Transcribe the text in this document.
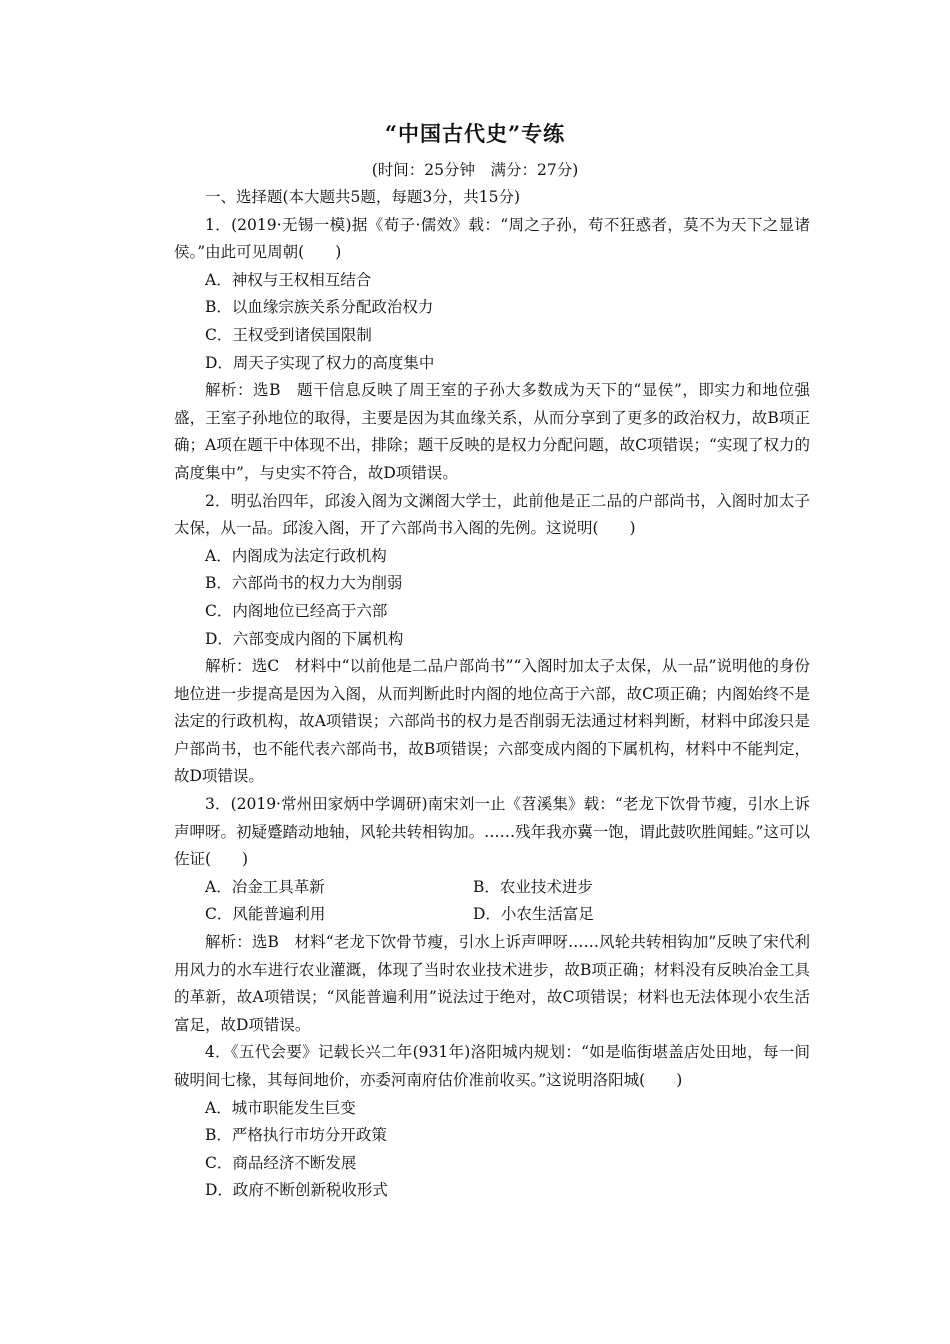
“中国古代史”专练
(时间：25分钟　满分：27分)

一、选择题(本大题共5题，每题3分，共15分)

1．(2019·无锡一模)据《荀子·儒效》载：“周之子孙，苟不狂惑者，莫不为天下之显诸侯。”由此可见周朝(　　)

A．神权与王权相互结合

B．以血缘宗族关系分配政治权力

C．王权受到诸侯国限制

D．周天子实现了权力的高度集中

解析：选B　题干信息反映了周王室的子孙大多数成为天下的“显侯”，即实力和地位强盛，王室子孙地位的取得，主要是因为其血缘关系，从而分享到了更多的政治权力，故B项正确；A项在题干中体现不出，排除；题干反映的是权力分配问题，故C项错误；“实现了权力的高度集中”，与史实不符合，故D项错误。

2．明弘治四年，邱浚入阁为文渊阁大学士，此前他是正二品的户部尚书，入阁时加太子太保，从一品。邱浚入阁，开了六部尚书入阁的先例。这说明(　　)

A．内阁成为法定行政机构

B．六部尚书的权力大为削弱

C．内阁地位已经高于六部

D．六部变成内阁的下属机构

解析：选C　材料中“以前他是二品户部尚书”“入阁时加太子太保，从一品”说明他的身份地位进一步提高是因为入阁，从而判断此时内阁的地位高于六部，故C项正确；内阁始终不是法定的行政机构，故A项错误；六部尚书的权力是否削弱无法通过材料判断，材料中邱浚只是户部尚书，也不能代表六部尚书，故B项错误；六部变成内阁的下属机构，材料中不能判定，故D项错误。

3．(2019·常州田家炳中学调研)南宋刘一止《苕溪集》载：“老龙下饮骨节瘦，引水上诉声呷呀。初疑蹙踏动地轴，风轮共转相钩加。……残年我亦冀一饱，谓此鼓吹胜闻蛙。”这可以佐证(　　)

A．冶金工具革新	B．农业技术进步
C．风能普遍利用	D．小农生活富足

解析：选B　材料“老龙下饮骨节瘦，引水上诉声呷呀……风轮共转相钩加”反映了宋代利用风力的水车进行农业灌溉，体现了当时农业技术进步，故B项正确；材料没有反映冶金工具的革新，故A项错误；“风能普遍利用”说法过于绝对，故C项错误；材料也无法体现小农生活富足，故D项错误。

4．《五代会要》记载长兴二年(931年)洛阳城内规划：“如是临街堪盖店处田地，每一间破明间七椽，其每间地价，亦委河南府估价准前收买。”这说明洛阳城(　　)

A．城市职能发生巨变

B．严格执行市坊分开政策

C．商品经济不断发展

D．政府不断创新税收形式
